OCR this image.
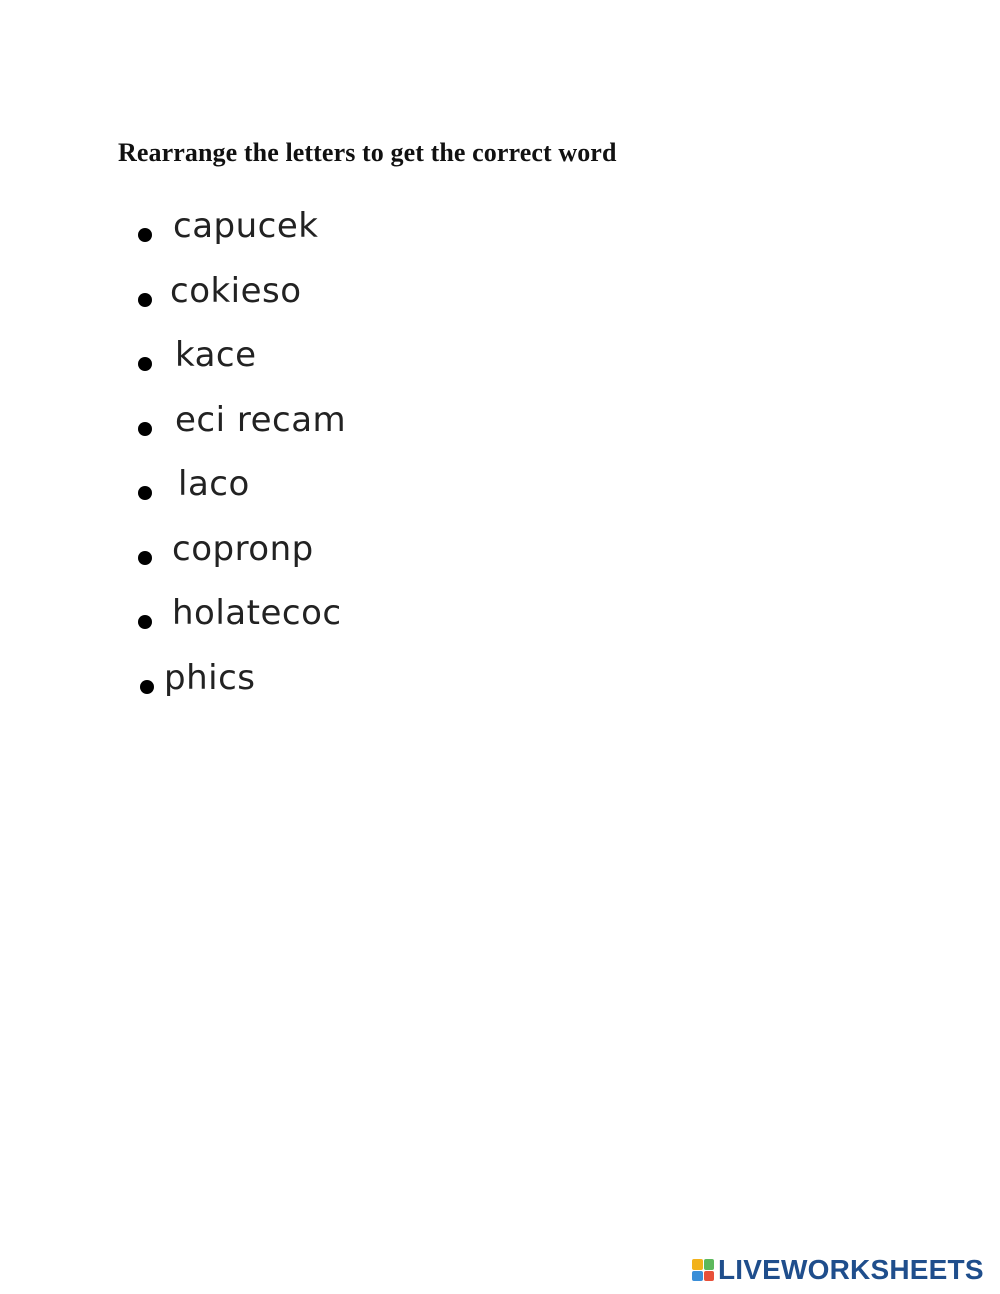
Rearrange the letters to get the correct word
capucek
cokieso
kace
eci recam
laco
copronp
holatecoc
phics
LIVEWORKSHEETS
